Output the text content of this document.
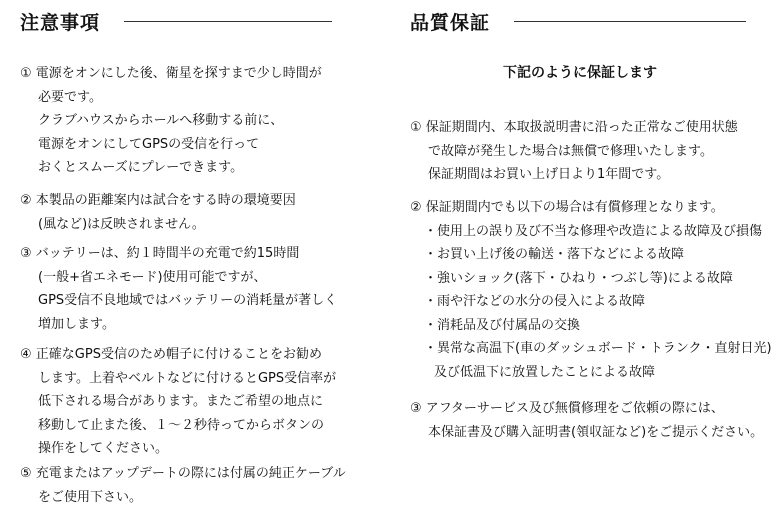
注意事項
① 電源をオンにした後、衛星を探すまで少し時間が
必要です。
クラブハウスからホールへ移動する前に、
電源をオンにしてGPSの受信を行って
おくとスムーズにプレーできます。
② 本製品の距離案内は試合をする時の環境要因
(風など)は反映されません。
③ バッテリーは、約１時間半の充電で約15時間
(一般+省エネモード)使用可能ですが、
GPS受信不良地域ではバッテリーの消耗量が著しく
増加します。
④ 正確なGPS受信のため帽子に付けることをお勧め
します。上着やベルトなどに付けるとGPS受信率が
低下される場合があります。またご希望の地点に
移動して止また後、１～２秒待ってからボタンの
操作をしてください。
⑤ 充電またはアップデートの際には付属の純正ケーブル
をご使用下さい。
品質保証
下記のように保証します
① 保証期間内、本取扱説明書に沿った正常なご使用状態
で故障が発生した場合は無償で修理いたします。
保証期間はお買い上げ日より1年間です。
② 保証期間内でも以下の場合は有償修理となります。
・使用上の誤り及び不当な修理や改造による故障及び損傷
・お買い上げ後の輸送・落下などによる故障
・強いショック(落下・ひねり・つぶし等)による故障
・雨や汗などの水分の侵入による故障
・消耗品及び付属品の交換
・異常な高温下(車のダッシュボード・トランク・直射日光)
及び低温下に放置したことによる故障
③ アフターサービス及び無償修理をご依頼の際には、
本保証書及び購入証明書(領収証など)をご提示ください。
